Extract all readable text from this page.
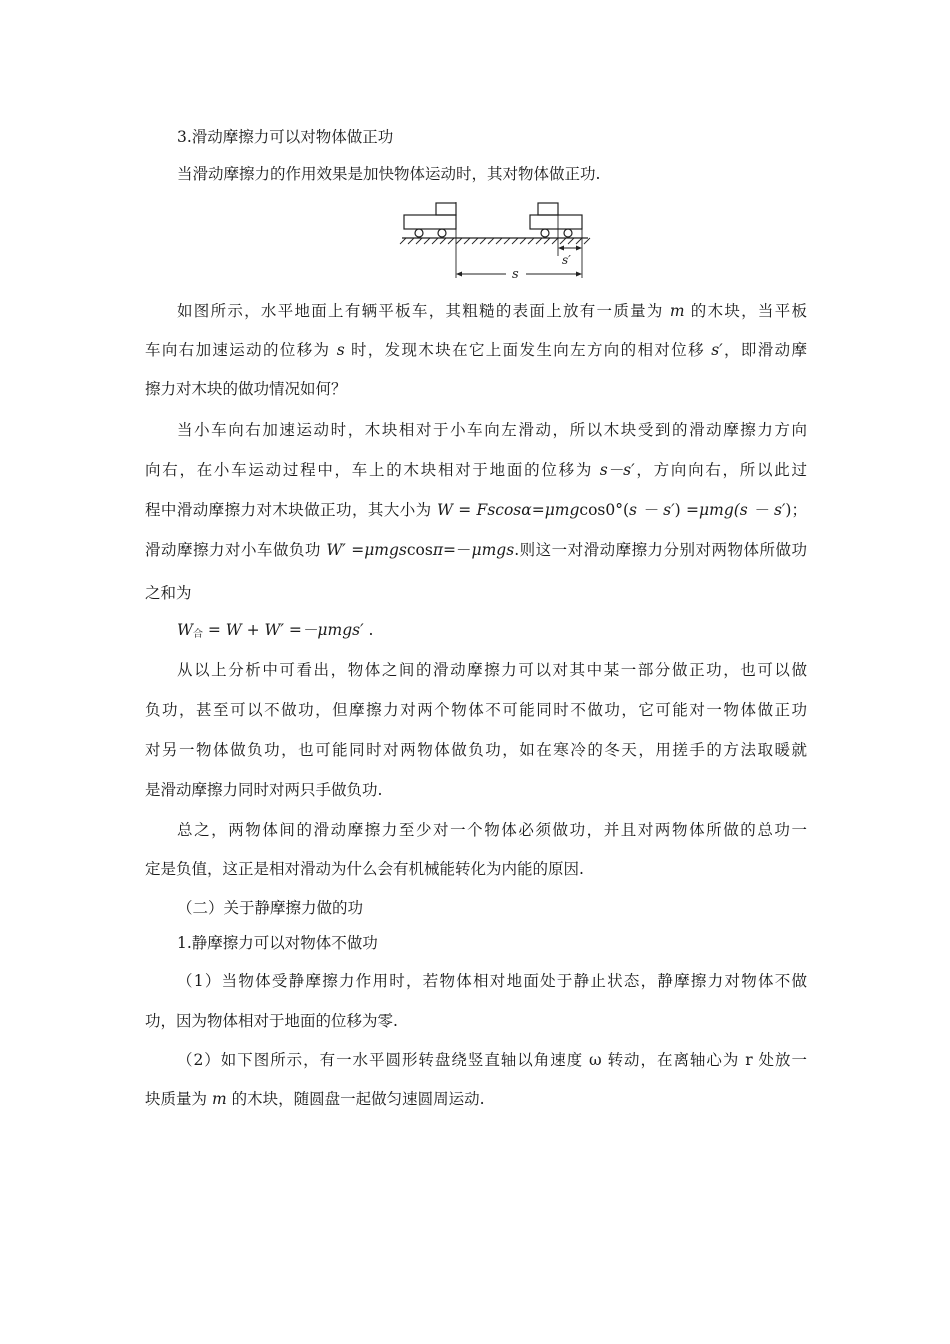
3.滑动摩擦力可以对物体做正功
当滑动摩擦力的作用效果是加快物体运动时，其对物体做正功.
s′
s
如图所示，水平地面上有辆平板车，其粗糙的表面上放有一质量为 m 的木块，当平板
车向右加速运动的位移为 s 时，发现木块在它上面发生向左方向的相对位移 s′，即滑动摩
擦力对木块的做功情况如何？
当小车向右加速运动时，木块相对于小车向左滑动，所以木块受到的滑动摩擦力方向
向右，在小车运动过程中，车上的木块相对于地面的位移为 s－s′，方向向右，所以此过
程中滑动摩擦力对木块做正功，其大小为 W = Fscosα=μmgcos0°(s － s′) =μmg(s － s′)；
滑动摩擦力对小车做负功 W′ =μmgscosπ=－μmgs.则这一对滑动摩擦力分别对两物体所做功
之和为
$W_合 = W + W' =-\mu mgs'$ .
从以上分析中可看出，物体之间的滑动摩擦力可以对其中某一部分做正功，也可以做
负功，甚至可以不做功，但摩擦力对两个物体不可能同时不做功，它可能对一物体做正功
对另一物体做负功，也可能同时对两物体做负功，如在寒冷的冬天，用搓手的方法取暖就
是滑动摩擦力同时对两只手做负功.
总之，两物体间的滑动摩擦力至少对一个物体必须做功，并且对两物体所做的总功一
定是负值，这正是相对滑动为什么会有机械能转化为内能的原因.
（二）关于静摩擦力做的功
1.静摩擦力可以对物体不做功
（1）当物体受静摩擦力作用时，若物体相对地面处于静止状态，静摩擦力对物体不做
功，因为物体相对于地面的位移为零.
（2）如下图所示，有一水平圆形转盘绕竖直轴以角速度 ω 转动，在离轴心为 r 处放一
块质量为 m 的木块，随圆盘一起做匀速圆周运动.
